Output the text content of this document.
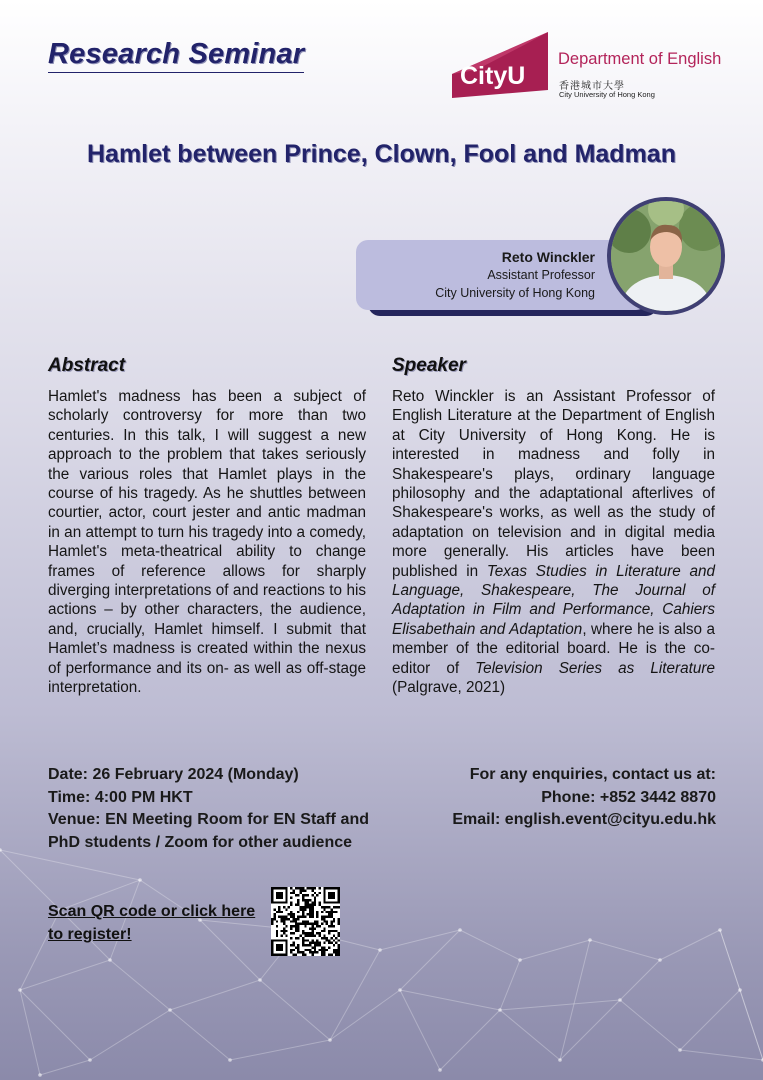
Research Seminar
CityU
Department of English
香港城市大學
City University of Hong Kong
Hamlet between Prince, Clown, Fool and Madman
Reto Winckler
Assistant Professor
City University of Hong Kong
Abstract	Speaker
Hamlet's madness has been a subject of scholarly controversy for more than two centuries. In this talk, I will suggest a new approach to the problem that takes seriously the various roles that Hamlet plays in the course of his tragedy. As he shuttles between courtier, actor, court jester and antic madman in an attempt to turn his tragedy into a comedy, Hamlet's meta-theatrical ability to change frames of reference allows for sharply diverging interpretations of and reactions to his actions – by other characters, the audience, and, crucially, Hamlet himself. I submit that Hamlet’s madness is created within the nexus of performance and its on- as well as off-stage interpretation.
Reto Winckler is an Assistant Professor of English Literature at the Department of English at City University of Hong Kong. He is interested in madness and folly in Shakespeare's plays, ordinary language philosophy and the adaptational afterlives of Shakespeare's works, as well as the study of adaptation on television and in digital media more generally. His articles have been published in Texas Studies in Literature and Language, Shakespeare, The Journal of Adaptation in Film and Performance, Cahiers Elisabethain and Adaptation, where he is also a member of the editorial board. He is the co-editor of Television Series as Literature (Palgrave, 2021)
Date: 26 February 2024 (Monday)
Time: 4:00 PM HKT
Venue: EN Meeting Room for EN Staff and PhD students / Zoom for other audience
For any enquiries, contact us at:
Phone: +852 3442 8870
Email: english.event@cityu.edu.hk
Scan QR code or click here to register!
